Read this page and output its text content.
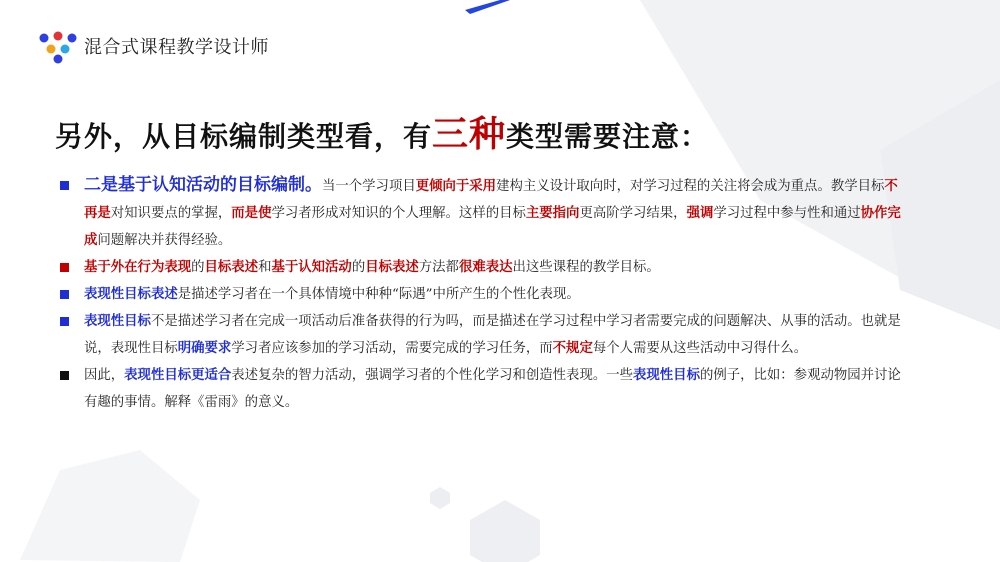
混合式课程教学设计师
另外，从目标编制类型看，有三种类型需要注意：
二是基于认知活动的目标编制。当一个学习项目更倾向于采用建构主义设计取向时，对学习过程的关注将会成为重点。教学目标不再是对知识要点的掌握，而是使学习者形成对知识的个人理解。这样的目标主要指向更高阶学习结果，强调学习过程中参与性和通过协作完成问题解决并获得经验。
基于外在行为表现的目标表述和基于认知活动的目标表述方法都很难表达出这些课程的教学目标。
表现性目标表述是描述学习者在一个具体情境中种种“际遇”中所产生的个性化表现。
表现性目标不是描述学习者在完成一项活动后准备获得的行为吗，而是描述在学习过程中学习者需要完成的问题解决、从事的活动。也就是说，表现性目标明确要求学习者应该参加的学习活动，需要完成的学习任务，而不规定每个人需要从这些活动中习得什么。
因此，表现性目标更适合表述复杂的智力活动，强调学习者的个性化学习和创造性表现。一些表现性目标的例子，比如：参观动物园并讨论有趣的事情。解释《雷雨》的意义。
